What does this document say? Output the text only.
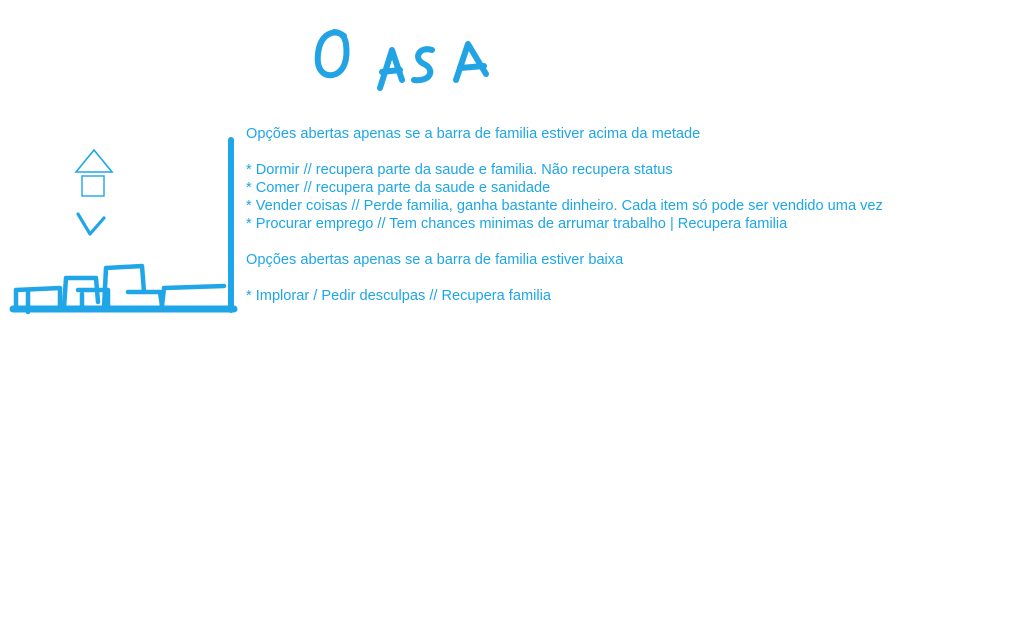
Opções abertas apenas se a barra de familia estiver acima da metade
* Dormir // recupera parte da saude e familia. Não recupera status
* Comer // recupera parte da saude e sanidade
* Vender coisas // Perde familia, ganha bastante dinheiro. Cada item só pode ser vendido uma vez
* Procurar emprego // Tem chances minimas de arrumar trabalho | Recupera familia
Opções abertas apenas se a barra de familia estiver baixa
* Implorar / Pedir desculpas // Recupera familia
